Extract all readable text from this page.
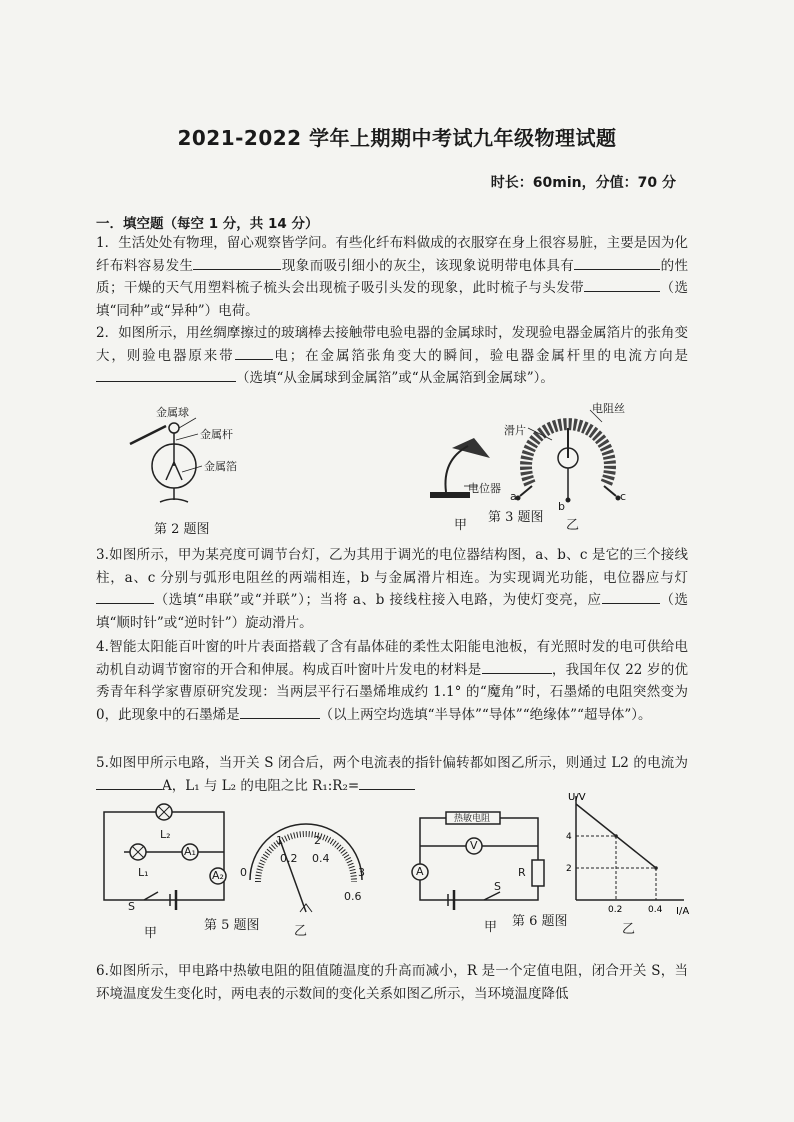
2021-2022 学年上期期中考试九年级物理试题
时长：60min，分值：70 分
一．填空题（每空 1 分，共 14 分）
1．生活处处有物理，留心观察皆学问。有些化纤布料做成的衣服穿在身上很容易脏，主要是因为化纤布料容易发生	现象而吸引细小的灰尘，该现象说明带电体具有	的性质；干燥的天气用塑料梳子梳头会出现梳子吸引头发的现象，此时梳子与头发带	（选填“同种”或“异种”）电荷。
2．如图所示，用丝绸摩擦过的玻璃棒去接触带电验电器的金属球时，发现验电器金属箔片的张角变大，则验电器原来带	电；在金属箔张角变大的瞬间，验电器金属杆里的电流方向是（选填“从金属球到金属箔”或“从金属箔到金属球”）。
金属球
金属杆
金属箔
第 2 题图
电阻丝
滑片
电位器
a
b
c
甲
第 3 题图
乙
3.如图所示，甲为某亮度可调节台灯，乙为其用于调光的电位器结构图，a、b、c 是它的三个接线柱，a、c 分别与弧形电阻丝的两端相连，b 与金属滑片相连。为实现调光功能，电位器应与灯（选填“串联”或“并联”）；当将 a、b 接线柱接入电路，为使灯变亮，应	（选填“顺时针”或“逆时针”）旋动滑片。
4.智能太阳能百叶窗的叶片表面搭载了含有晶体硅的柔性太阳能电池板，有光照时发的电可供给电动机自动调节窗帘的开合和伸展。构成百叶窗叶片发电的材料是	，我国年仅 22 岁的优秀青年科学家曹原研究发现：当两层平行石墨烯堆成约 1.1° 的“魔角”时，石墨烯的电阻突然变为 0，此现象中的石墨烯是	（以上两空均选填“半导体”“导体”“绝缘体”“超导体”）。
5.如图甲所示电路，当开关 S 闭合后，两个电流表的指针偏转都如图乙所示，则通过 L2 的电流为A，L₁ 与 L₂ 的电阻之比 R₁:R₂=
L₂
L₁
A₁
A₂
S
0
0.2 0.4
0.6
1	2
3
甲
第 5 题图	乙
热敏电阻
V
A	R
S
U/V
I/A
0.2	0.4
2
4
甲 第 6 题图
乙
6.如图所示，甲电路中热敏电阻的阻值随温度的升高而减小，R 是一个定值电阻，闭合开关 S，当环境温度发生变化时，两电表的示数间的变化关系如图乙所示，当环境温度降低
